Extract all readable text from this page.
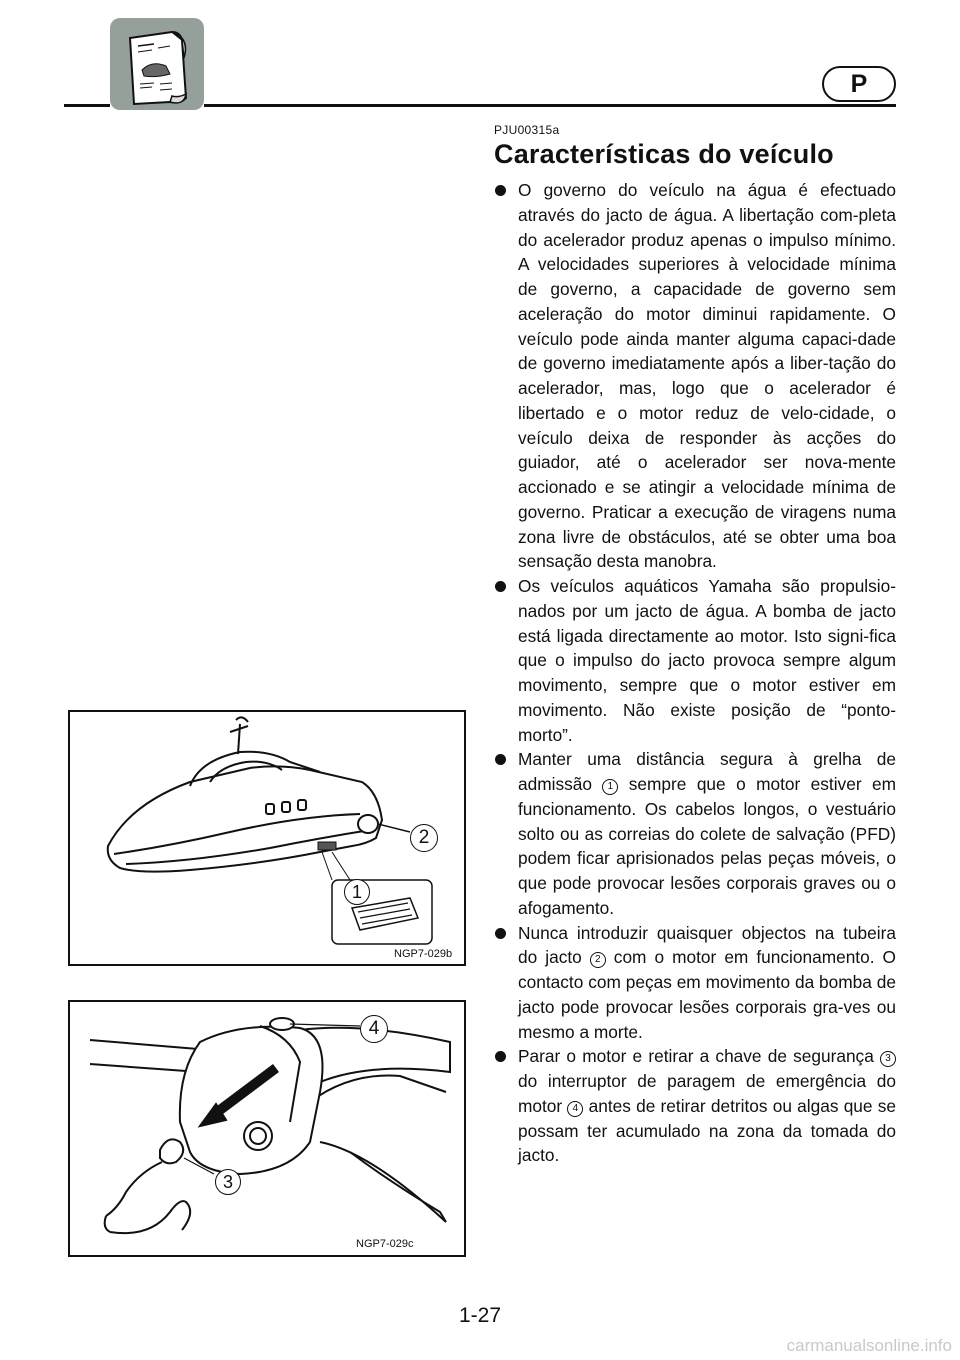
P
PJU00315a
Características do veículo
O governo do veículo na água é efectuado através do jacto de água. A libertação com-pleta do acelerador produz apenas o impulso mínimo. A velocidades superiores à velocidade mínima de governo, a capacidade de governo sem aceleração do motor diminui rapidamente. O veículo pode ainda manter alguma capaci-dade de governo imediatamente após a liber-tação do acelerador, mas, logo que o acelerador é libertado e o motor reduz de velo-cidade, o veículo deixa de responder às acções do guiador, até o acelerador ser nova-mente accionado e se atingir a velocidade mínima de governo. Praticar a execução de viragens numa zona livre de obstáculos, até se obter uma boa sensação desta manobra.
Os veículos aquáticos Yamaha são propulsio-nados por um jacto de água. A bomba de jacto está ligada directamente ao motor. Isto signi-fica que o impulso do jacto provoca sempre algum movimento, sempre que o motor estiver em movimento. Não existe posição de “ponto-morto”.
Manter uma distância segura à grelha de admissão 1 sempre que o motor estiver em funcionamento. Os cabelos longos, o vestuário solto ou as correias do colete de salvação (PFD) podem ficar aprisionados pelas peças móveis, o que pode provocar lesões corporais graves ou o afogamento.
Nunca introduzir quaisquer objectos na tubeira do jacto 2 com o motor em funcionamento. O contacto com peças em movimento da bomba de jacto pode provocar lesões corporais gra-ves ou mesmo a morte.
Parar o motor e retirar a chave de segurança 3 do interruptor de paragem de emergência do motor 4 antes de retirar detritos ou algas que se possam ter acumulado na zona da tomada do jacto.
1
2
NGP7-029b
3
4
NGP7-029c
1-27
carmanualsonline.info
